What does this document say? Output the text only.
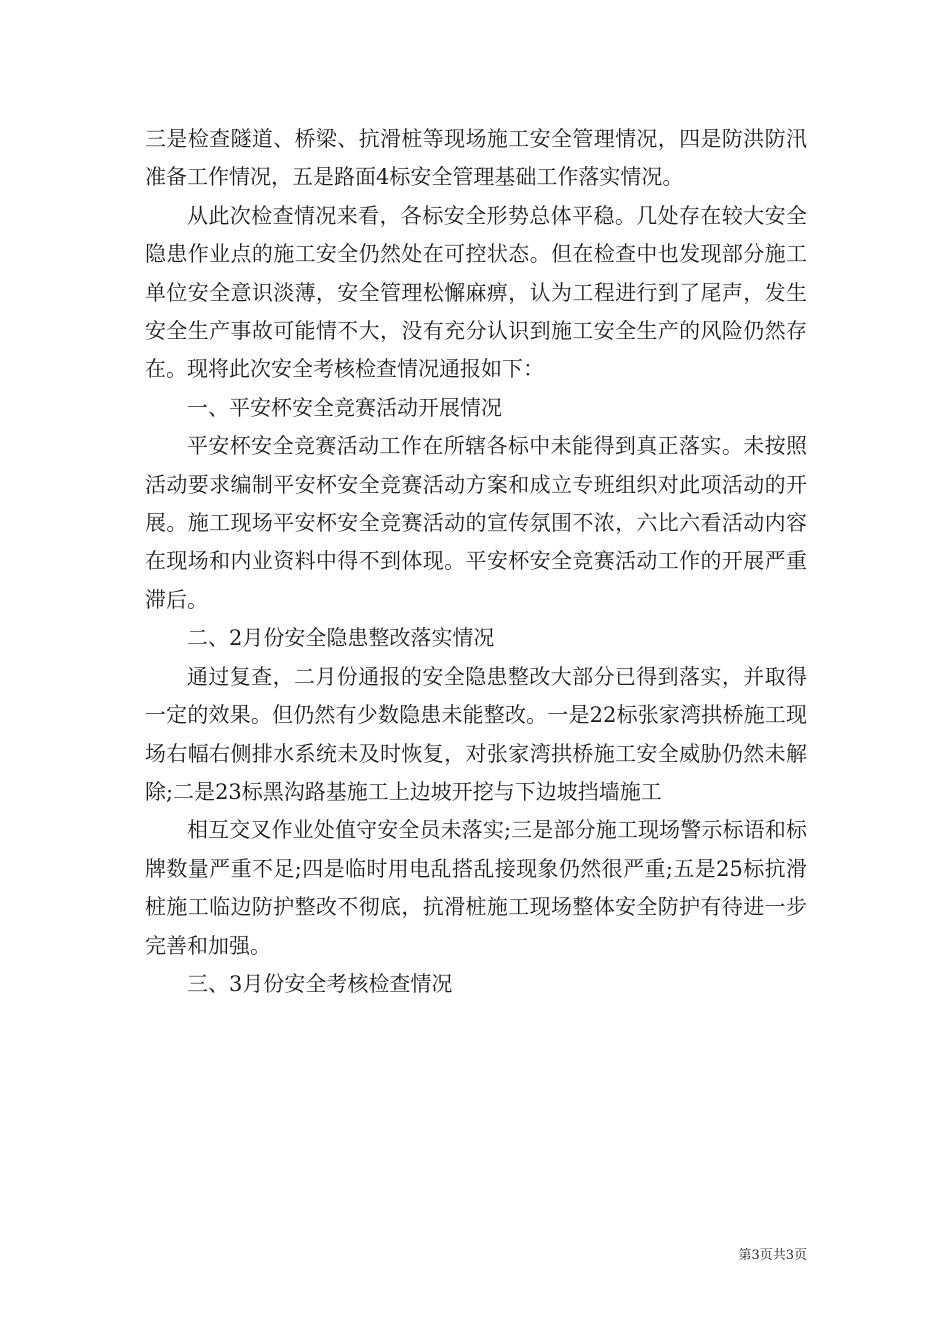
三是检查隧道、桥梁、抗滑桩等现场施工安全管理情况，四是防洪防汛准备工作情况，五是路面4标安全管理基础工作落实情况。

从此次检查情况来看，各标安全形势总体平稳。几处存在较大安全隐患作业点的施工安全仍然处在可控状态。但在检查中也发现部分施工单位安全意识淡薄，安全管理松懈麻痹，认为工程进行到了尾声，发生安全生产事故可能情不大，没有充分认识到施工安全生产的风险仍然存在。现将此次安全考核检查情况通报如下：

一、平安杯安全竞赛活动开展情况

平安杯安全竞赛活动工作在所辖各标中未能得到真正落实。未按照活动要求编制平安杯安全竞赛活动方案和成立专班组织对此项活动的开展。施工现场平安杯安全竞赛活动的宣传氛围不浓，六比六看活动内容在现场和内业资料中得不到体现。平安杯安全竞赛活动工作的开展严重滞后。

二、2月份安全隐患整改落实情况

通过复查，二月份通报的安全隐患整改大部分已得到落实，并取得一定的效果。但仍然有少数隐患未能整改。一是22标张家湾拱桥施工现场右幅右侧排水系统未及时恢复，对张家湾拱桥施工安全威胁仍然未解除;二是23标黑沟路基施工上边坡开挖与下边坡挡墙施工

相互交叉作业处值守安全员未落实;三是部分施工现场警示标语和标牌数量严重不足;四是临时用电乱搭乱接现象仍然很严重;五是25标抗滑桩施工临边防护整改不彻底，抗滑桩施工现场整体安全防护有待进一步完善和加强。

三、3月份安全考核检查情况

第3页共3页
